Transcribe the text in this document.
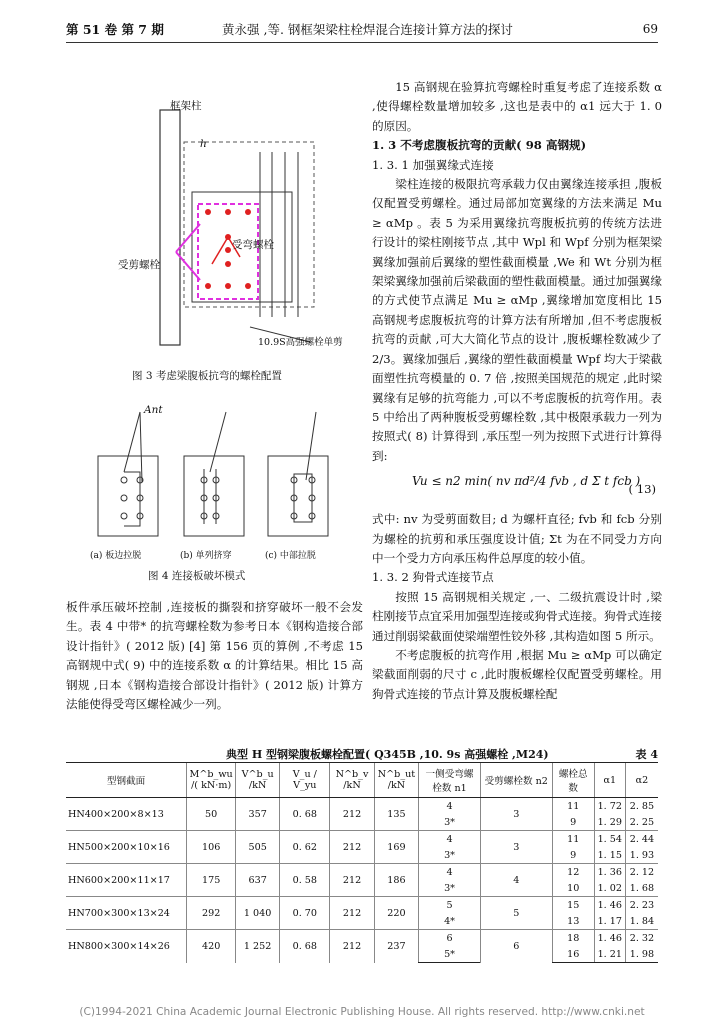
第 51 卷 第 7 期	黄永强 ,等. 钢框架梁柱栓焊混合连接计算方法的探讨	69
框架柱
h
受剪螺栓
受弯螺栓
10.9S高强螺栓单剪
图 3 考虑梁腹板抗弯的螺栓配置
Ant
(a) 板边拉脱	(b) 单列挤穿	(c) 中部拉脱
图 4 连接板破坏模式

板件承压破坏控制 ,连接板的撕裂和挤穿破坏一般不会发生。表 4 中带* 的抗弯螺栓数为参考日本《钢构造接合部设计指针》( 2012 版) [4] 第 156 页的算例 ,不考虑 15 高钢规中式( 9) 中的连接系数 α 的计算结果。相比 15 高钢规 ,日本《钢构造接合部设计指针》( 2012 版) 计算方法能使得受弯区螺栓减少一列。

15 高钢规在验算抗弯螺栓时重复考虑了连接系数 α ,使得螺栓数量增加较多 ,这也是表中的 α1 远大于 1. 0 的原因。

1. 3 不考虑腹板抗弯的贡献( 98 高钢规)

1. 3. 1 加强翼缘式连接

梁柱连接的极限抗弯承载力仅由翼缘连接承担 ,腹板仅配置受剪螺栓。通过局部加宽翼缘的方法来满足 Mu ≥ αMp 。表 5 为采用翼缘抗弯腹板抗剪的传统方法进行设计的梁柱刚接节点 ,其中 Wpl 和 Wpf 分别为框架梁翼缘加强前后翼缘的塑性截面模量 ,We 和 Wt 分别为框架梁翼缘加强前后梁截面的塑性截面模量。通过加强翼缘的方式使节点满足 Mu ≥ αMp ,翼缘增加宽度相比 15 高钢规考虑腹板抗弯的计算方法有所增加 ,但不考虑腹板抗弯的贡献 ,可大大简化节点的设计 ,腹板螺栓数减少了 2/3。翼缘加强后 ,翼缘的塑性截面模量 Wpf 均大于梁截面塑性抗弯模量的 0. 7 倍 ,按照美国规范的规定 ,此时梁翼缘有足够的抗弯能力 ,可以不考虑腹板的抗弯作用。表 5 中给出了两种腹板受剪螺栓数 ,其中极限承载力一列为按照式( 8) 计算得到 ,承压型一列为按照下式进行计算得到:

Vu ≤ n2 min( nv πd²/4 fvb , d Σ t fcb )
( 13)

式中: nv 为受剪面数目; d 为螺杆直径; fvb 和 fcb 分别为螺栓的抗剪和承压强度设计值; Σt 为在不同受力方向中一个受力方向承压构件总厚度的较小值。

1. 3. 2 狗骨式连接节点

按照 15 高钢规相关规定 ,一、二级抗震设计时 ,梁柱刚接节点宜采用加强型连接或狗骨式连接。狗骨式连接通过削弱梁截面使梁端塑性铰外移 ,其构造如图 5 所示。

不考虑腹板的抗弯作用 ,根据 Mu ≥ αMp 可以确定梁截面削弱的尺寸 c ,此时腹板螺栓仅配置受剪螺栓。用狗骨式连接的节点计算及腹板螺栓配

典型 H 型钢梁腹板螺栓配置( Q345B ,10. 9s 高强螺栓 ,M24)	表 4
型钢截面	M^b_wu /( kN·m)	V^b_u /kN	V_u / V_yu	N^b_v /kN	N^b_ut /kN	一侧受弯螺栓数 n1	受剪螺栓数 n2	螺栓总数	α1	α2
HN400×200×8×13	50	357	0. 68	212	135	4	3	11	1. 72	2. 85
						3*		9	1. 29	2. 25
HN500×200×10×16	106	505	0. 62	212	169	4	3	11	1. 54	2. 44
						3*		9	1. 15	1. 93
HN600×200×11×17	175	637	0. 58	212	186	4	4	12	1. 36	2. 12
						3*		10	1. 02	1. 68
HN700×300×13×24	292	1 040	0. 70	212	220	5	5	15	1. 46	2. 23
						4*		13	1. 17	1. 84
HN800×300×14×26	420	1 252	0. 68	212	237	6	6	18	1. 46	2. 32
						5*		16	1. 21	1. 98
(C)1994-2021 China Academic Journal Electronic Publishing House. All rights reserved. http://www.cnki.net
